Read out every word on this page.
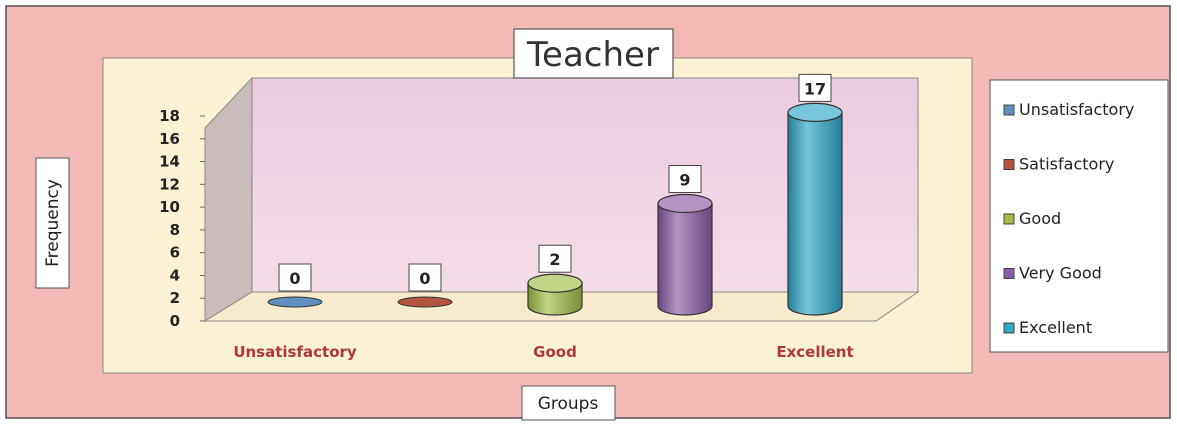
0
2
4
6
8
10
12
14
16
18
0	0
2
9
17
Unsatisfactory	Good	Excellent
Teacher
Frequency
Groups
Unsatisfactory
Satisfactory
Good
Very Good
Excellent
